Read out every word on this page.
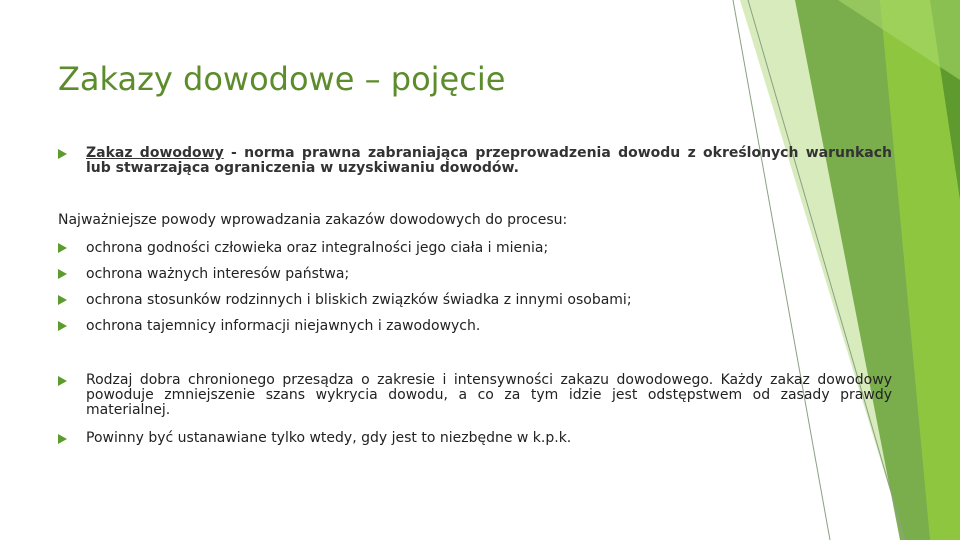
Zakazy dowodowe – pojęcie
Zakaz dowodowy - norma prawna zabraniająca przeprowadzenia dowodu z określonych warunkach lub stwarzająca ograniczenia w uzyskiwaniu dowodów.
Najważniejsze powody wprowadzania zakazów dowodowych do procesu:
ochrona godności człowieka oraz integralności jego ciała i mienia;
ochrona ważnych interesów państwa;
ochrona stosunków rodzinnych i bliskich związków świadka z innymi osobami;
ochrona tajemnicy informacji niejawnych i zawodowych.
Rodzaj dobra chronionego przesądza o zakresie i intensywności zakazu dowodowego. Każdy zakaz dowodowy powoduje zmniejszenie szans wykrycia dowodu, a co za tym idzie jest odstępstwem od zasady prawdy materialnej.
Powinny być ustanawiane tylko wtedy, gdy jest to niezbędne w k.p.k.
